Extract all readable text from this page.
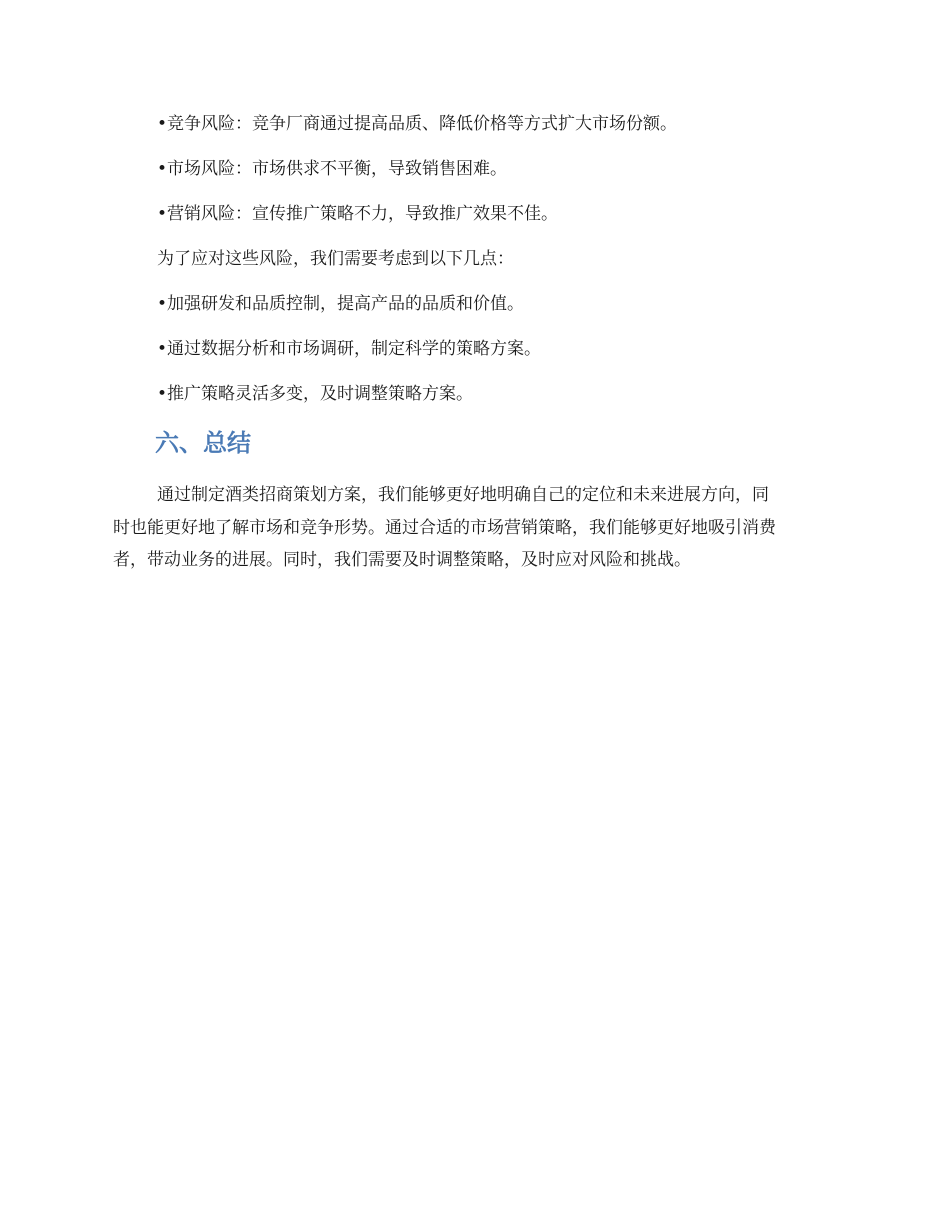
•竞争风险：竞争厂商通过提高品质、降低价格等方式扩大市场份额。
•市场风险：市场供求不平衡，导致销售困难。
•营销风险：宣传推广策略不力，导致推广效果不佳。
为了应对这些风险，我们需要考虑到以下几点：
•加强研发和品质控制，提高产品的品质和价值。
•通过数据分析和市场调研，制定科学的策略方案。
•推广策略灵活多变，及时调整策略方案。
六、总结
通过制定酒类招商策划方案，我们能够更好地明确自己的定位和未来进展方向，同
时也能更好地了解市场和竞争形势。通过合适的市场营销策略，我们能够更好地吸引消费
者，带动业务的进展。同时，我们需要及时调整策略，及时应对风险和挑战。
